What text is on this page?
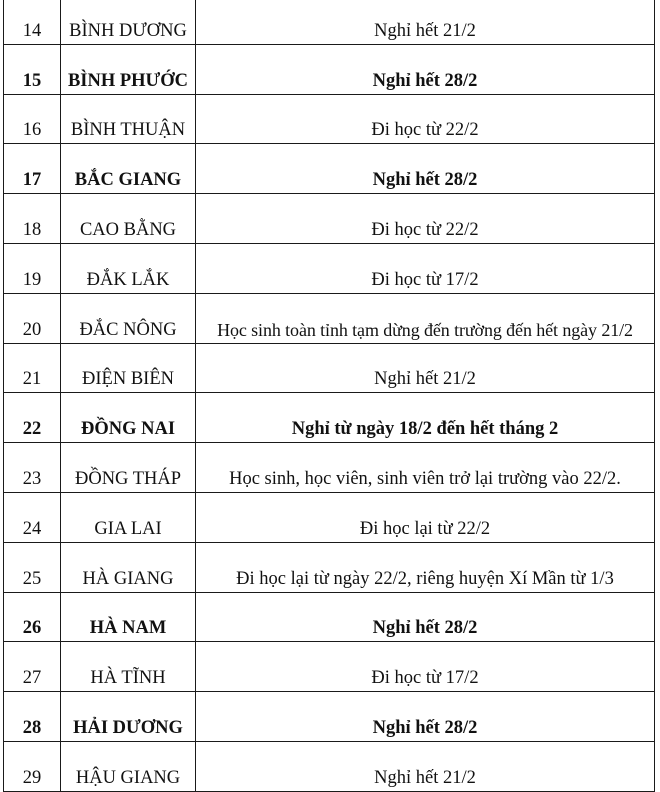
14	BÌNH DƯƠNG	Nghỉ hết 21/2
15	BÌNH PHƯỚC	Nghỉ hết 28/2
16	BÌNH THUẬN	Đi học từ 22/2
17	BẮC GIANG	Nghỉ hết 28/2
18	CAO BẰNG	Đi học từ 22/2
19	ĐẮK LẮK	Đi học từ 17/2
20	ĐẮC NÔNG	Học sinh toàn tỉnh tạm dừng đến trường đến hết ngày 21/2
21	ĐIỆN BIÊN	Nghỉ hết 21/2
22	ĐỒNG NAI	Nghỉ từ ngày 18/2 đến hết tháng 2
23	ĐỒNG THÁP	Học sinh, học viên, sinh viên trở lại trường vào 22/2.
24	GIA LAI	Đi học lại từ 22/2
25	HÀ GIANG	Đi học lại từ ngày 22/2, riêng huyện Xí Mần từ 1/3
26	HÀ NAM	Nghỉ hết 28/2
27	HÀ TĨNH	Đi học từ 17/2
28	HẢI DƯƠNG	Nghỉ hết 28/2
29	HẬU GIANG	Nghỉ hết 21/2
